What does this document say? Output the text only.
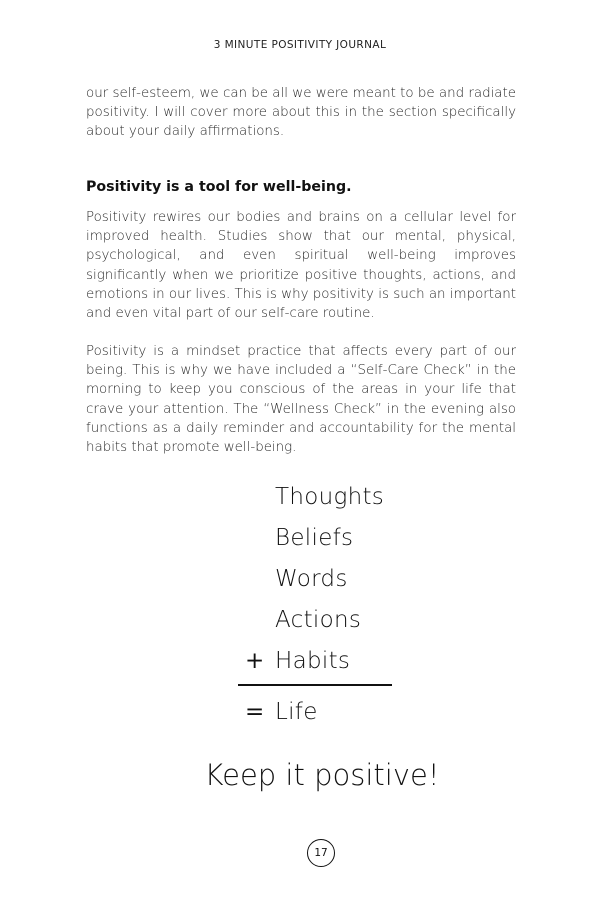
3 MINUTE POSITIVITY JOURNAL

our self-esteem, we can be all we were meant to be and radiate positivity. I will cover more about this in the section specifically about your daily affirmations.

Positivity is a tool for well-being.

Positivity rewires our bodies and brains on a cellular level for improved health. Studies show that our mental, physical, psychological, and even spiritual well-being improves significantly when we prioritize positive thoughts, actions, and emotions in our lives. This is why positivity is such an important and even vital part of our self-care routine.

Positivity is a mindset practice that affects every part of our being. This is why we have included a “Self-Care Check” in the morning to keep you conscious of the areas in your life that crave your attention. The “Wellness Check” in the evening also functions as a daily reminder and accountability for the mental habits that promote well-being.

Thoughts
Beliefs
Words
Actions
+ Habits
= Life

Keep it positive!

17
